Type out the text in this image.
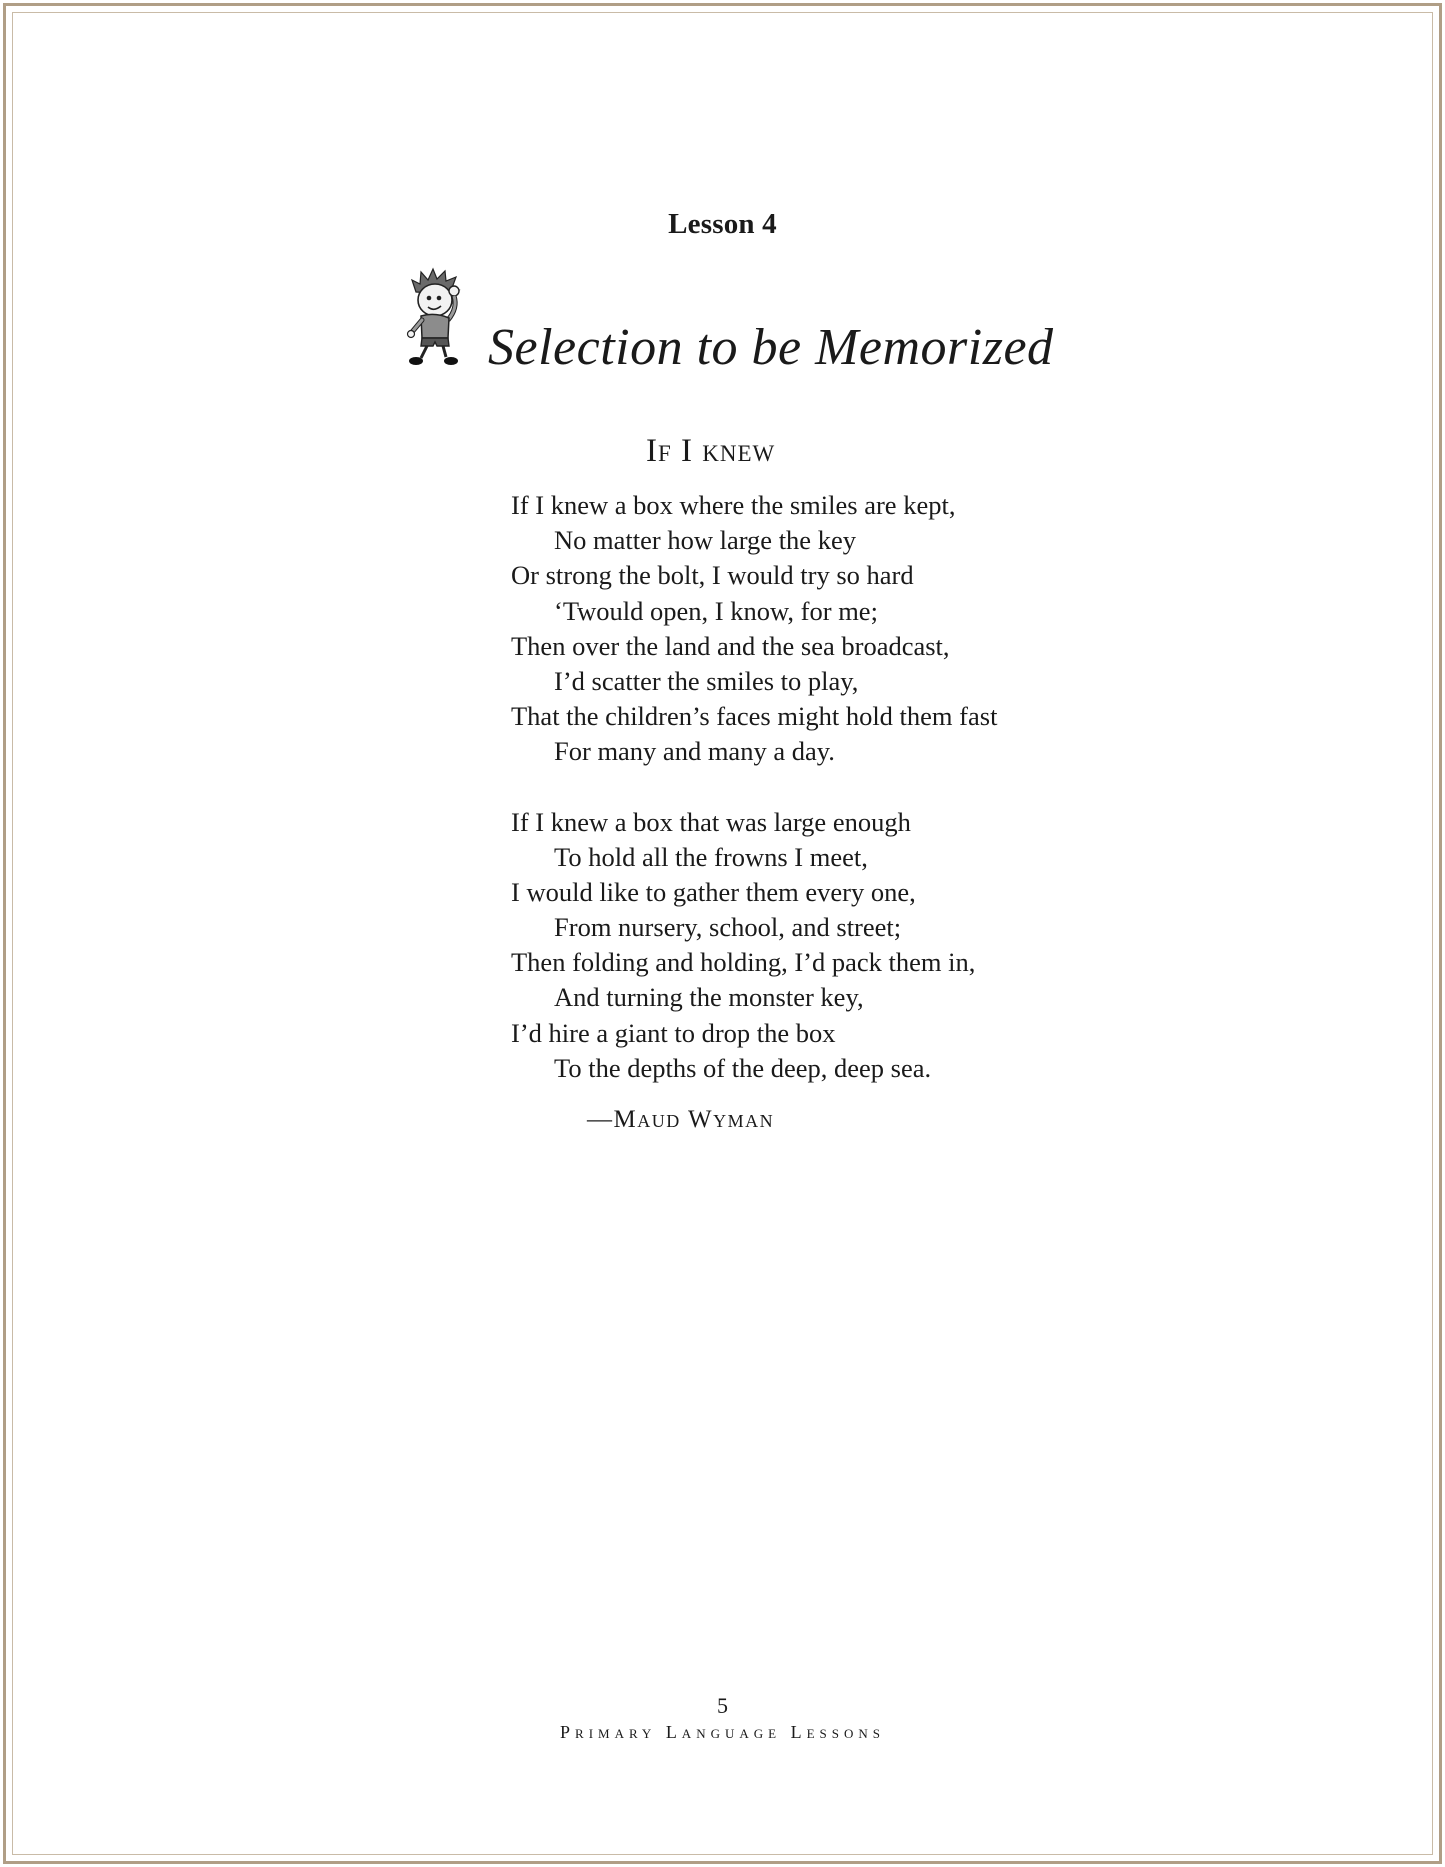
Lesson 4
Selection to be Memorized
If I knew
If I knew a box where the smiles are kept,
No matter how large the key
Or strong the bolt, I would try so hard
‘Twould open, I know, for me;
Then over the land and the sea broadcast,
I’d scatter the smiles to play,
That the children’s faces might hold them fast
For many and many a day.
If I knew a box that was large enough
To hold all the frowns I meet,
I would like to gather them every one,
From nursery, school, and street;
Then folding and holding, I’d pack them in,
And turning the monster key,
I’d hire a giant to drop the box
To the depths of the deep, deep sea.
—Maud Wyman
5
Primary Language Lessons
